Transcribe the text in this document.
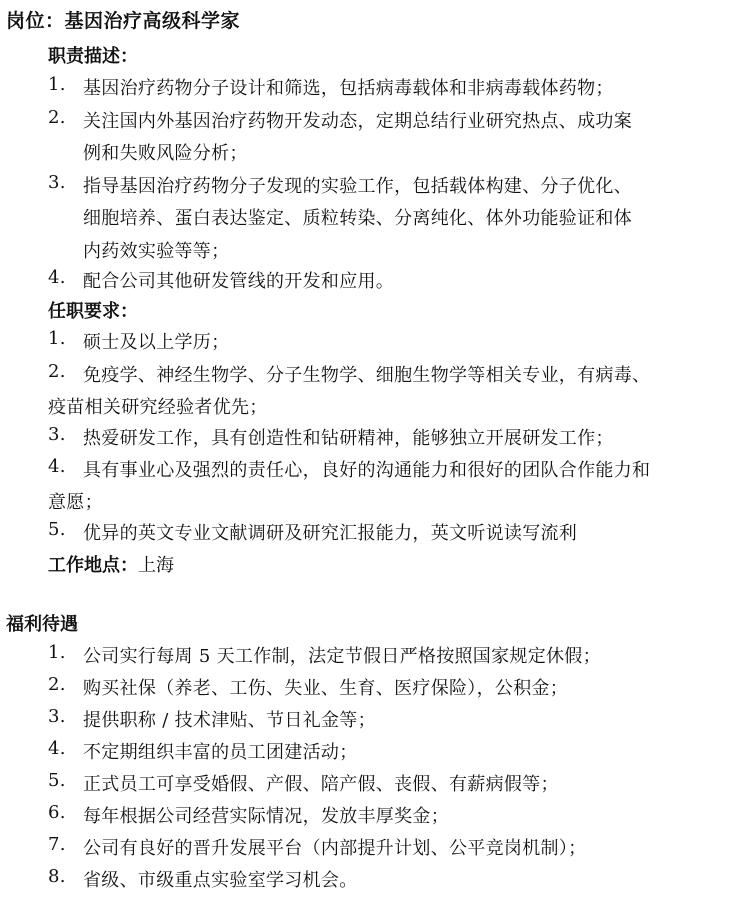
岗位：基因治疗高级科学家
职责描述：
1. 基因治疗药物分子设计和筛选，包括病毒载体和非病毒载体药物；
2. 关注国内外基因治疗药物开发动态，定期总结行业研究热点、成功案
例和失败风险分析；
3. 指导基因治疗药物分子发现的实验工作，包括载体构建、分子优化、
细胞培养、蛋白表达鉴定、质粒转染、分离纯化、体外功能验证和体
内药效实验等等；
4. 配合公司其他研发管线的开发和应用。
任职要求：
1. 硕士及以上学历；
2. 免疫学、神经生物学、分子生物学、细胞生物学等相关专业，有病毒、
疫苗相关研究经验者优先；
3. 热爱研发工作，具有创造性和钻研精神，能够独立开展研发工作；
4. 具有事业心及强烈的责任心，良好的沟通能力和很好的团队合作能力和
意愿；
5. 优异的英文专业文献调研及研究汇报能力，英文听说读写流利
工作地点：上海
福利待遇
1. 公司实行每周 5 天工作制，法定节假日严格按照国家规定休假；
2. 购买社保（养老、工伤、失业、生育、医疗保险），公积金；
3. 提供职称 / 技术津贴、节日礼金等；
4. 不定期组织丰富的员工团建活动；
5. 正式员工可享受婚假、产假、陪产假、丧假、有薪病假等；
6. 每年根据公司经营实际情况，发放丰厚奖金；
7. 公司有良好的晋升发展平台（内部提升计划、公平竞岗机制）；
8. 省级、市级重点实验室学习机会。
